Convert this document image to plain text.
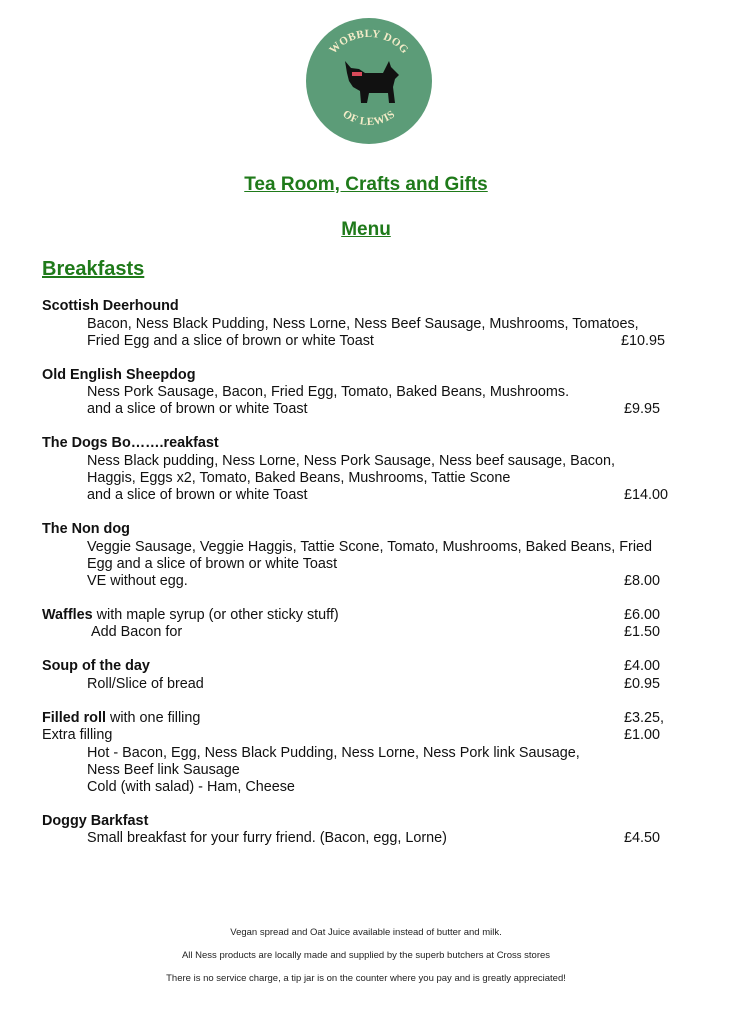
WOBBLY DOG
OF LEWIS
Tea Room, Crafts and Gifts
Menu
Breakfasts
Scottish Deerhound
Bacon, Ness Black Pudding, Ness Lorne, Ness Beef Sausage, Mushrooms, Tomatoes,
Fried Egg and a slice of brown or white Toast	£10.95
Old English Sheepdog
Ness Pork Sausage, Bacon, Fried Egg, Tomato, Baked Beans, Mushrooms.
and a slice of brown or white Toast	£9.95
The Dogs Bo…….reakfast
Ness Black pudding, Ness Lorne, Ness Pork Sausage, Ness beef sausage, Bacon,
Haggis, Eggs x2, Tomato, Baked Beans, Mushrooms, Tattie Scone
and a slice of brown or white Toast	£14.00
The Non dog
Veggie Sausage, Veggie Haggis, Tattie Scone, Tomato, Mushrooms, Baked Beans, Fried
Egg and a slice of brown or white Toast
VE without egg.	£8.00
Waffles with maple syrup (or other sticky stuff)	£6.00
Add Bacon for	£1.50
Soup of the day	£4.00
Roll/Slice of bread	£0.95
Filled roll with one filling	£3.25,
Extra filling	£1.00
Hot - Bacon, Egg, Ness Black Pudding, Ness Lorne, Ness Pork link Sausage,
Ness Beef link Sausage
Cold (with salad) - Ham, Cheese
Doggy Barkfast
Small breakfast for your furry friend. (Bacon, egg, Lorne)	£4.50
Vegan spread and Oat Juice available instead of butter and milk.
All Ness products are locally made and supplied by the superb butchers at Cross stores
There is no service charge, a tip jar is on the counter where you pay and is greatly appreciated!
